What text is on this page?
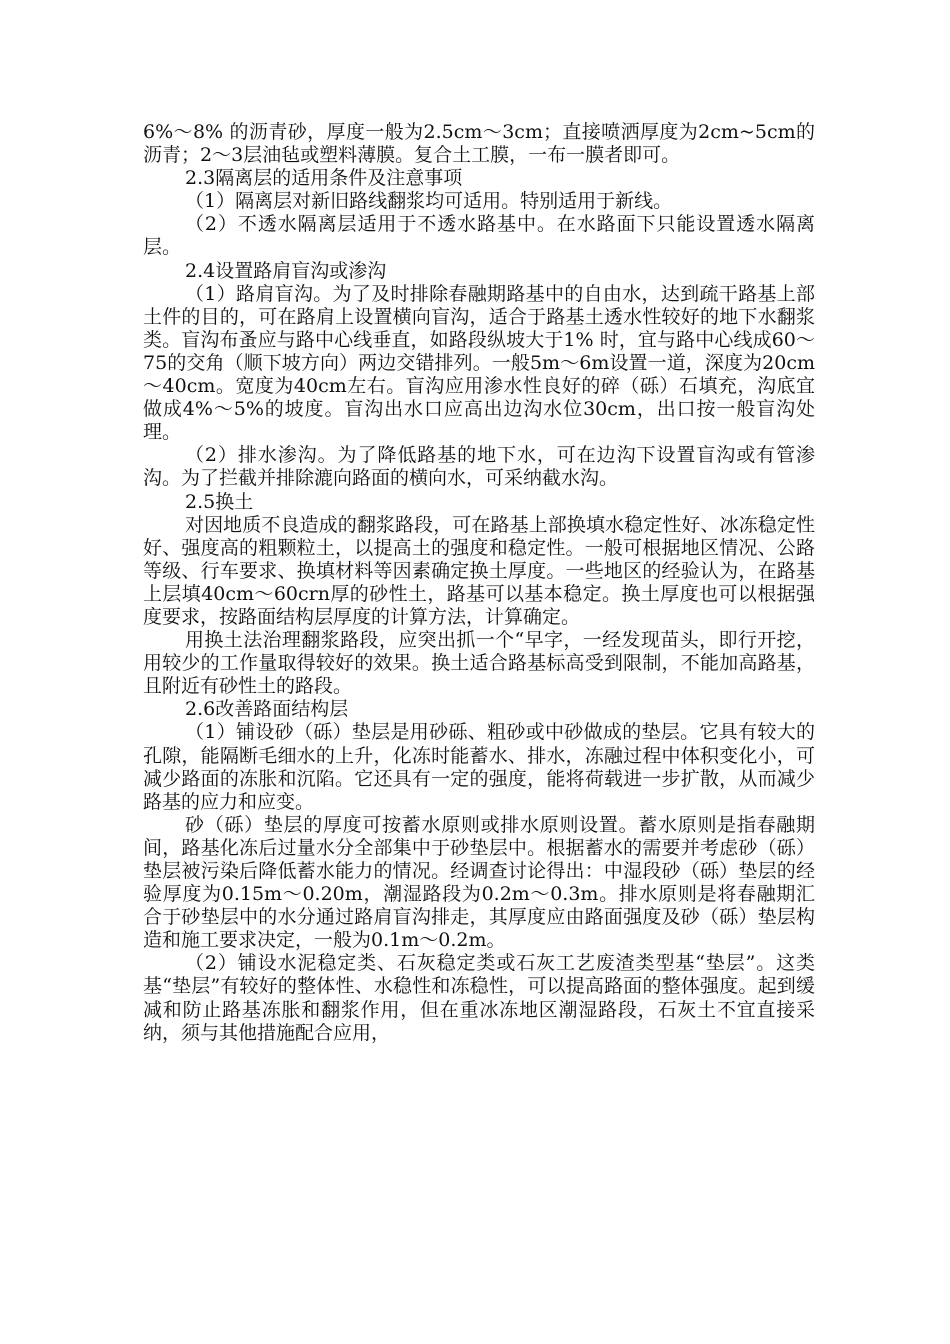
6%～8% 的沥青砂，厚度一般为2.5cm～3cm；直接喷洒厚度为2cm~5cm的沥青；2～3层油毡或塑料薄膜。复合土工膜，一布一膜者即可。

2.3隔离层的适用条件及注意事项

（1）隔离层对新旧路线翻浆均可适用。特别适用于新线。

（2）不透水隔离层适用于不透水路基中。在水路面下只能设置透水隔离层。

2.4设置路肩盲沟或渗沟

（1）路肩盲沟。为了及时排除春融期路基中的自由水，达到疏干路基上部土件的目的，可在路肩上设置横向盲沟，适合于路基土透水性较好的地下水翻浆类。盲沟布蚤应与路中心线垂直，如路段纵坡大于1% 时，宜与路中心线成60～75的交角（顺下坡方向）两边交错排列。一般5m～6m设置一道，深度为20cm～40cm。宽度为40cm左右。盲沟应用渗水性良好的碎（砾）石填充，沟底宜做成4%～5%的坡度。盲沟出水口应高出边沟水位30cm，出口按一般盲沟处理。

（2）排水渗沟。为了降低路基的地下水，可在边沟下设置盲沟或有管渗沟。为了拦截并排除漉向路面的横向水，可采纳截水沟。

2.5换土

对因地质不良造成的翻浆路段，可在路基上部换填水稳定性好、冰冻稳定性好、强度高的粗颗粒土，以提高土的强度和稳定性。一般可根据地区情况、公路等级、行车要求、换填材料等因素确定换土厚度。一些地区的经验认为，在路基上层填40cm～60crn厚的砂性土，路基可以基本稳定。换土厚度也可以根据强度要求，按路面结构层厚度的计算方法，计算确定。

用换土法治理翻浆路段，应突出抓一个“早字，一经发现苗头，即行开挖，用较少的工作量取得较好的效果。换土适合路基标高受到限制，不能加高路基，且附近有砂性土的路段。

2.6改善路面结构层

（1）铺设砂（砾）垫层是用砂砾、粗砂或中砂做成的垫层。它具有较大的孔隙，能隔断毛细水的上升，化冻时能蓄水、排水，冻融过程中体积变化小，可减少路面的冻胀和沉陷。它还具有一定的强度，能将荷载进一步扩散，从而减少路基的应力和应变。

砂（砾）垫层的厚度可按蓄水原则或排水原则设置。蓄水原则是指春融期间，路基化冻后过量水分全部集中于砂垫层中。根据蓄水的需要并考虑砂（砾）垫层被污染后降低蓄水能力的情况。经调查讨论得出：中湿段砂（砾）垫层的经验厚度为0.15m～0.20m，潮湿路段为0.2m～0.3m。排水原则是将春融期汇合于砂垫层中的水分通过路肩盲沟排走，其厚度应由路面强度及砂（砾）垫层构造和施工要求决定，一般为0.1m～0.2m。

（2）铺设水泥稳定类、石灰稳定类或石灰工艺废渣类型基“垫层”。这类基“垫层”有较好的整体性、水稳性和冻稳性，可以提高路面的整体强度。起到缓减和防止路基冻胀和翻浆作用，但在重冰冻地区潮湿路段，石灰土不宜直接采纳，须与其他措施配合应用，
